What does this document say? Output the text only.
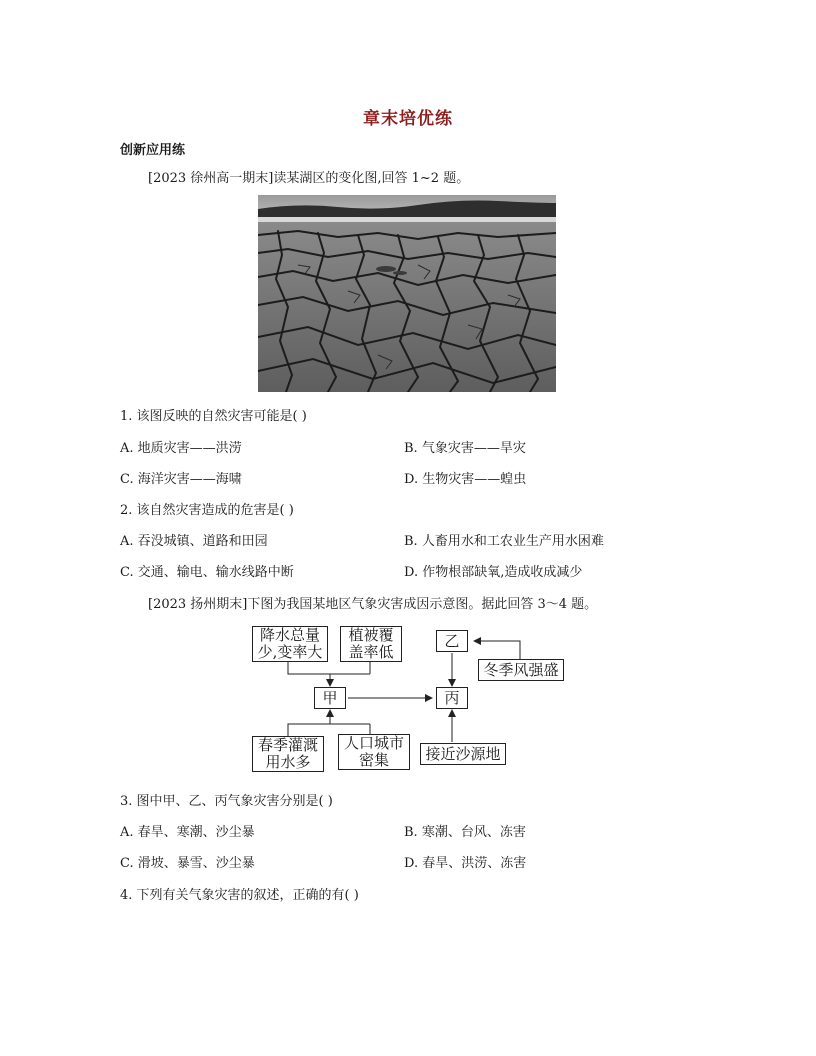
章末培优练
创新应用练
[2023 徐州高一期末]读某湖区的变化图,回答 1~2 题。
1. 该图反映的自然灾害可能是( )
A. 地质灾害——洪涝	B. 气象灾害——旱灾
C. 海洋灾害——海啸	D. 生物灾害——蝗虫
2. 该自然灾害造成的危害是( )
A. 吞没城镇、道路和田园	B. 人畜用水和工农业生产用水困难
C. 交通、输电、输水线路中断	D. 作物根部缺氧,造成收成减少
[2023 扬州期末]下图为我国某地区气象灾害成因示意图。据此回答 3～4 题。
降水总量
少,变率大
植被覆
盖率低
甲
乙
丙
冬季风强盛
春季灌溉
用水多
人口城市
密集	接近沙源地
3. 图中甲、乙、丙气象灾害分别是( )
A. 春旱、寒潮、沙尘暴	B. 寒潮、台风、冻害
C. 滑坡、暴雪、沙尘暴	D. 春旱、洪涝、冻害
4. 下列有关气象灾害的叙述，正确的有( )
